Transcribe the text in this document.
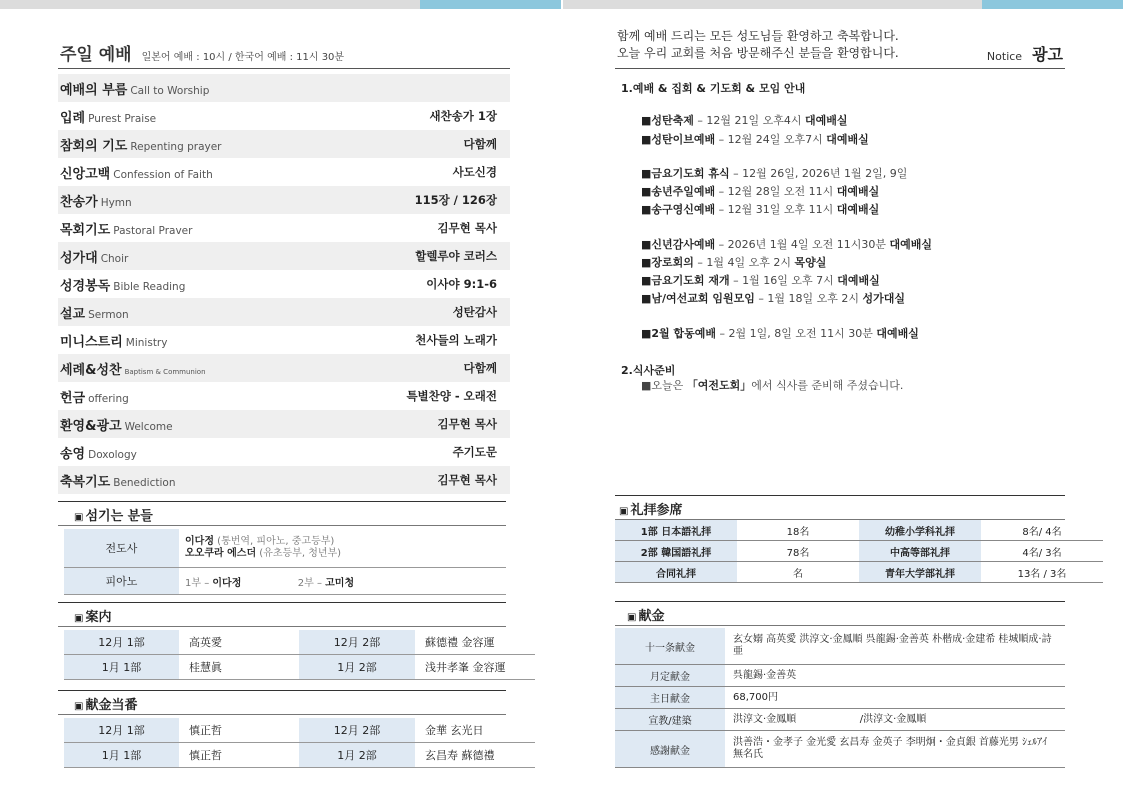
주일 예배 일본어 예배 : 10시 / 한국어 예배 : 11시 30분
예배의 부름 Call to Worship
입례 Purest Praise	새찬송가 1장
참회의 기도 Repenting prayer	다함께
신앙고백 Confession of Faith	사도신경
찬송가 Hymn	115장 / 126장
목회기도 Pastoral Praver	김무현 목사
성가대 Choir	할렐루야 코러스
성경봉독 Bible Reading	이사야 9:1-6
설교 Sermon	성탄감사
미니스트리 Ministry	천사들의 노래가
세례&성찬 Baptism & Communion	다함께
헌금 offering	특별찬양 - 오래전
환영&광고 Welcome	김무현 목사
송영 Doxology	주기도문
축복기도 Benediction	김무현 목사
▣ 섬기는 분들
전도사	이다정 (통번역, 피아노, 중고등부)
오오쿠라 에스더 (유초등부, 청년부)

피아노	1부 – 이다정 2부 – 고미청
▣ 案内
12月 1部	高英愛	12月 2部	蘇德禮 金容運
1月 1部	桂慧眞	1月 2部	浅井孝峯 金容運
▣ 献金当番
12月 1部	慎正哲	12月 2部	金華 玄光日
1月 1部	慎正哲	1月 2部	玄昌寿 蘇德禮
함께 예배 드리는 모든 성도님들 환영하고 축복합니다.
오늘 우리 교회를 처음 방문해주신 분들을 환영합니다.	Notice 광고
1.예배 & 집회 & 기도회 & 모임 안내
■성탄축제 – 12월 21일 오후4시 대예배실
■성탄이브예배 – 12월 24일 오후7시 대예배실
■금요기도회 휴식 – 12월 26일, 2026년 1월 2일, 9일
■송년주일예배 – 12월 28일 오전 11시 대예배실
■송구영신예배 – 12월 31일 오후 11시 대예배실
■신년감사예배 – 2026년 1월 4일 오전 11시30분 대예배실
■장로회의 – 1월 4일 오후 2시 목양실
■금요기도회 재개 – 1월 16일 오후 7시 대예배실
■남/여선교회 임원모임 – 1월 18일 오후 2시 성가대실
■2월 합동예배 – 2월 1일, 8일 오전 11시 30분 대예배실
2.식사준비
■오늘은 「여전도회」에서 식사를 준비해 주셨습니다.
▣ 礼拝参席
1部 日本語礼拝	18名	幼稚小学科礼拝	8名/ 4名
2部 韓国語礼拝	78名	中高等部礼拝	4名/ 3名
合同礼拝	名	青年大学部礼拝	13名 / 3名
▣ 献金
十一条献金	玄女嫋 高英愛 洪淳文·金鳳順 呉龍錫·金善英 朴楷成·金建希 桂城順成·詩亜
月定献金	呉龍錫·金善英
主日献金	68,700円
宣教/建築	洪淳文·金鳳順                    /洪淳文·金鳳順
感謝献金	洪善浩・金孝子 金光愛 玄昌寿 金英子 李明炯・金貞銀 首藤光男 ｼｪﾙｱｲ 無名氏
